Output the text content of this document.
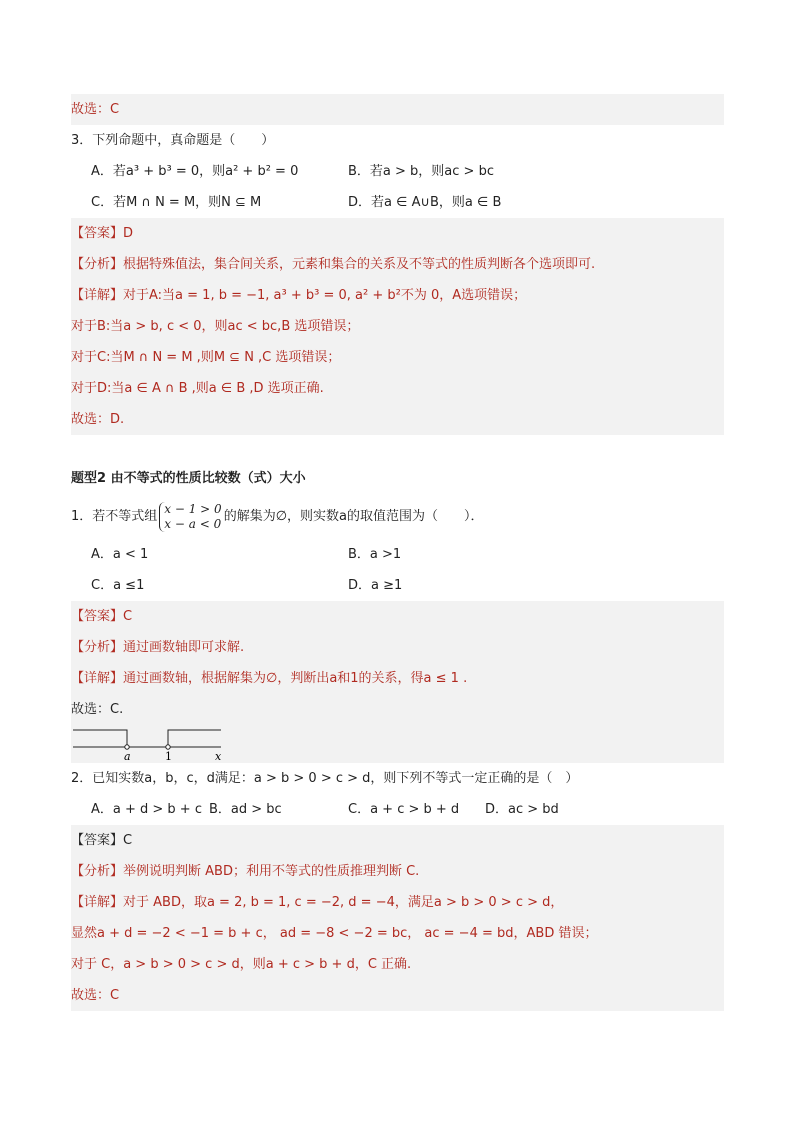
故选：C
3．下列命题中，真命题是（　　）
A．若a³ + b³ = 0，则a² + b² = 0	B．若a > b，则ac > bc
C．若M ∩ N = M，则N ⊆ M	D．若a ∈ A∪B，则a ∈ B
【答案】D
【分析】根据特殊值法，集合间关系，元素和集合的关系及不等式的性质判断各个选项即可.
【详解】对于A:当a = 1, b = −1, a³ + b³ = 0, a² + b²不为 0，A选项错误；
对于B:当a > b, c < 0，则ac < bc,B 选项错误；
对于C:当M ∩ N = M ,则M ⊆ N ,C 选项错误；
对于D:当a ∈ A ∩ B ,则a ∈ B ,D 选项正确.
故选：D.
题型2 由不等式的性质比较数（式）大小
1．若不等式组x − 1 > 0
x − a < 0 的解集为∅，则实数a的取值范围为（　　）．
A．a < 1	B．a >1
C．a ≤1	D．a ≥1
【答案】C
【分析】通过画数轴即可求解.
【详解】通过画数轴，根据解集为∅，判断出a和1的关系，得a ≤ 1 .
故选：C.
a	1	x
2．已知实数a，b，c，d满足：a > b > 0 > c > d，则下列不等式一定正确的是（　）
A．a + d > b + c B．ad > bc	C．a + c > b + d D．ac > bd
【答案】C
【分析】举例说明判断 ABD；利用不等式的性质推理判断 C.
【详解】对于 ABD，取a = 2, b = 1, c = −2, d = −4，满足a > b > 0 > c > d，
显然a + d = −2 < −1 = b + c， ad = −8 < −2 = bc， ac = −4 = bd，ABD 错误；
对于 C，a > b > 0 > c > d，则a + c > b + d，C 正确.
故选：C
